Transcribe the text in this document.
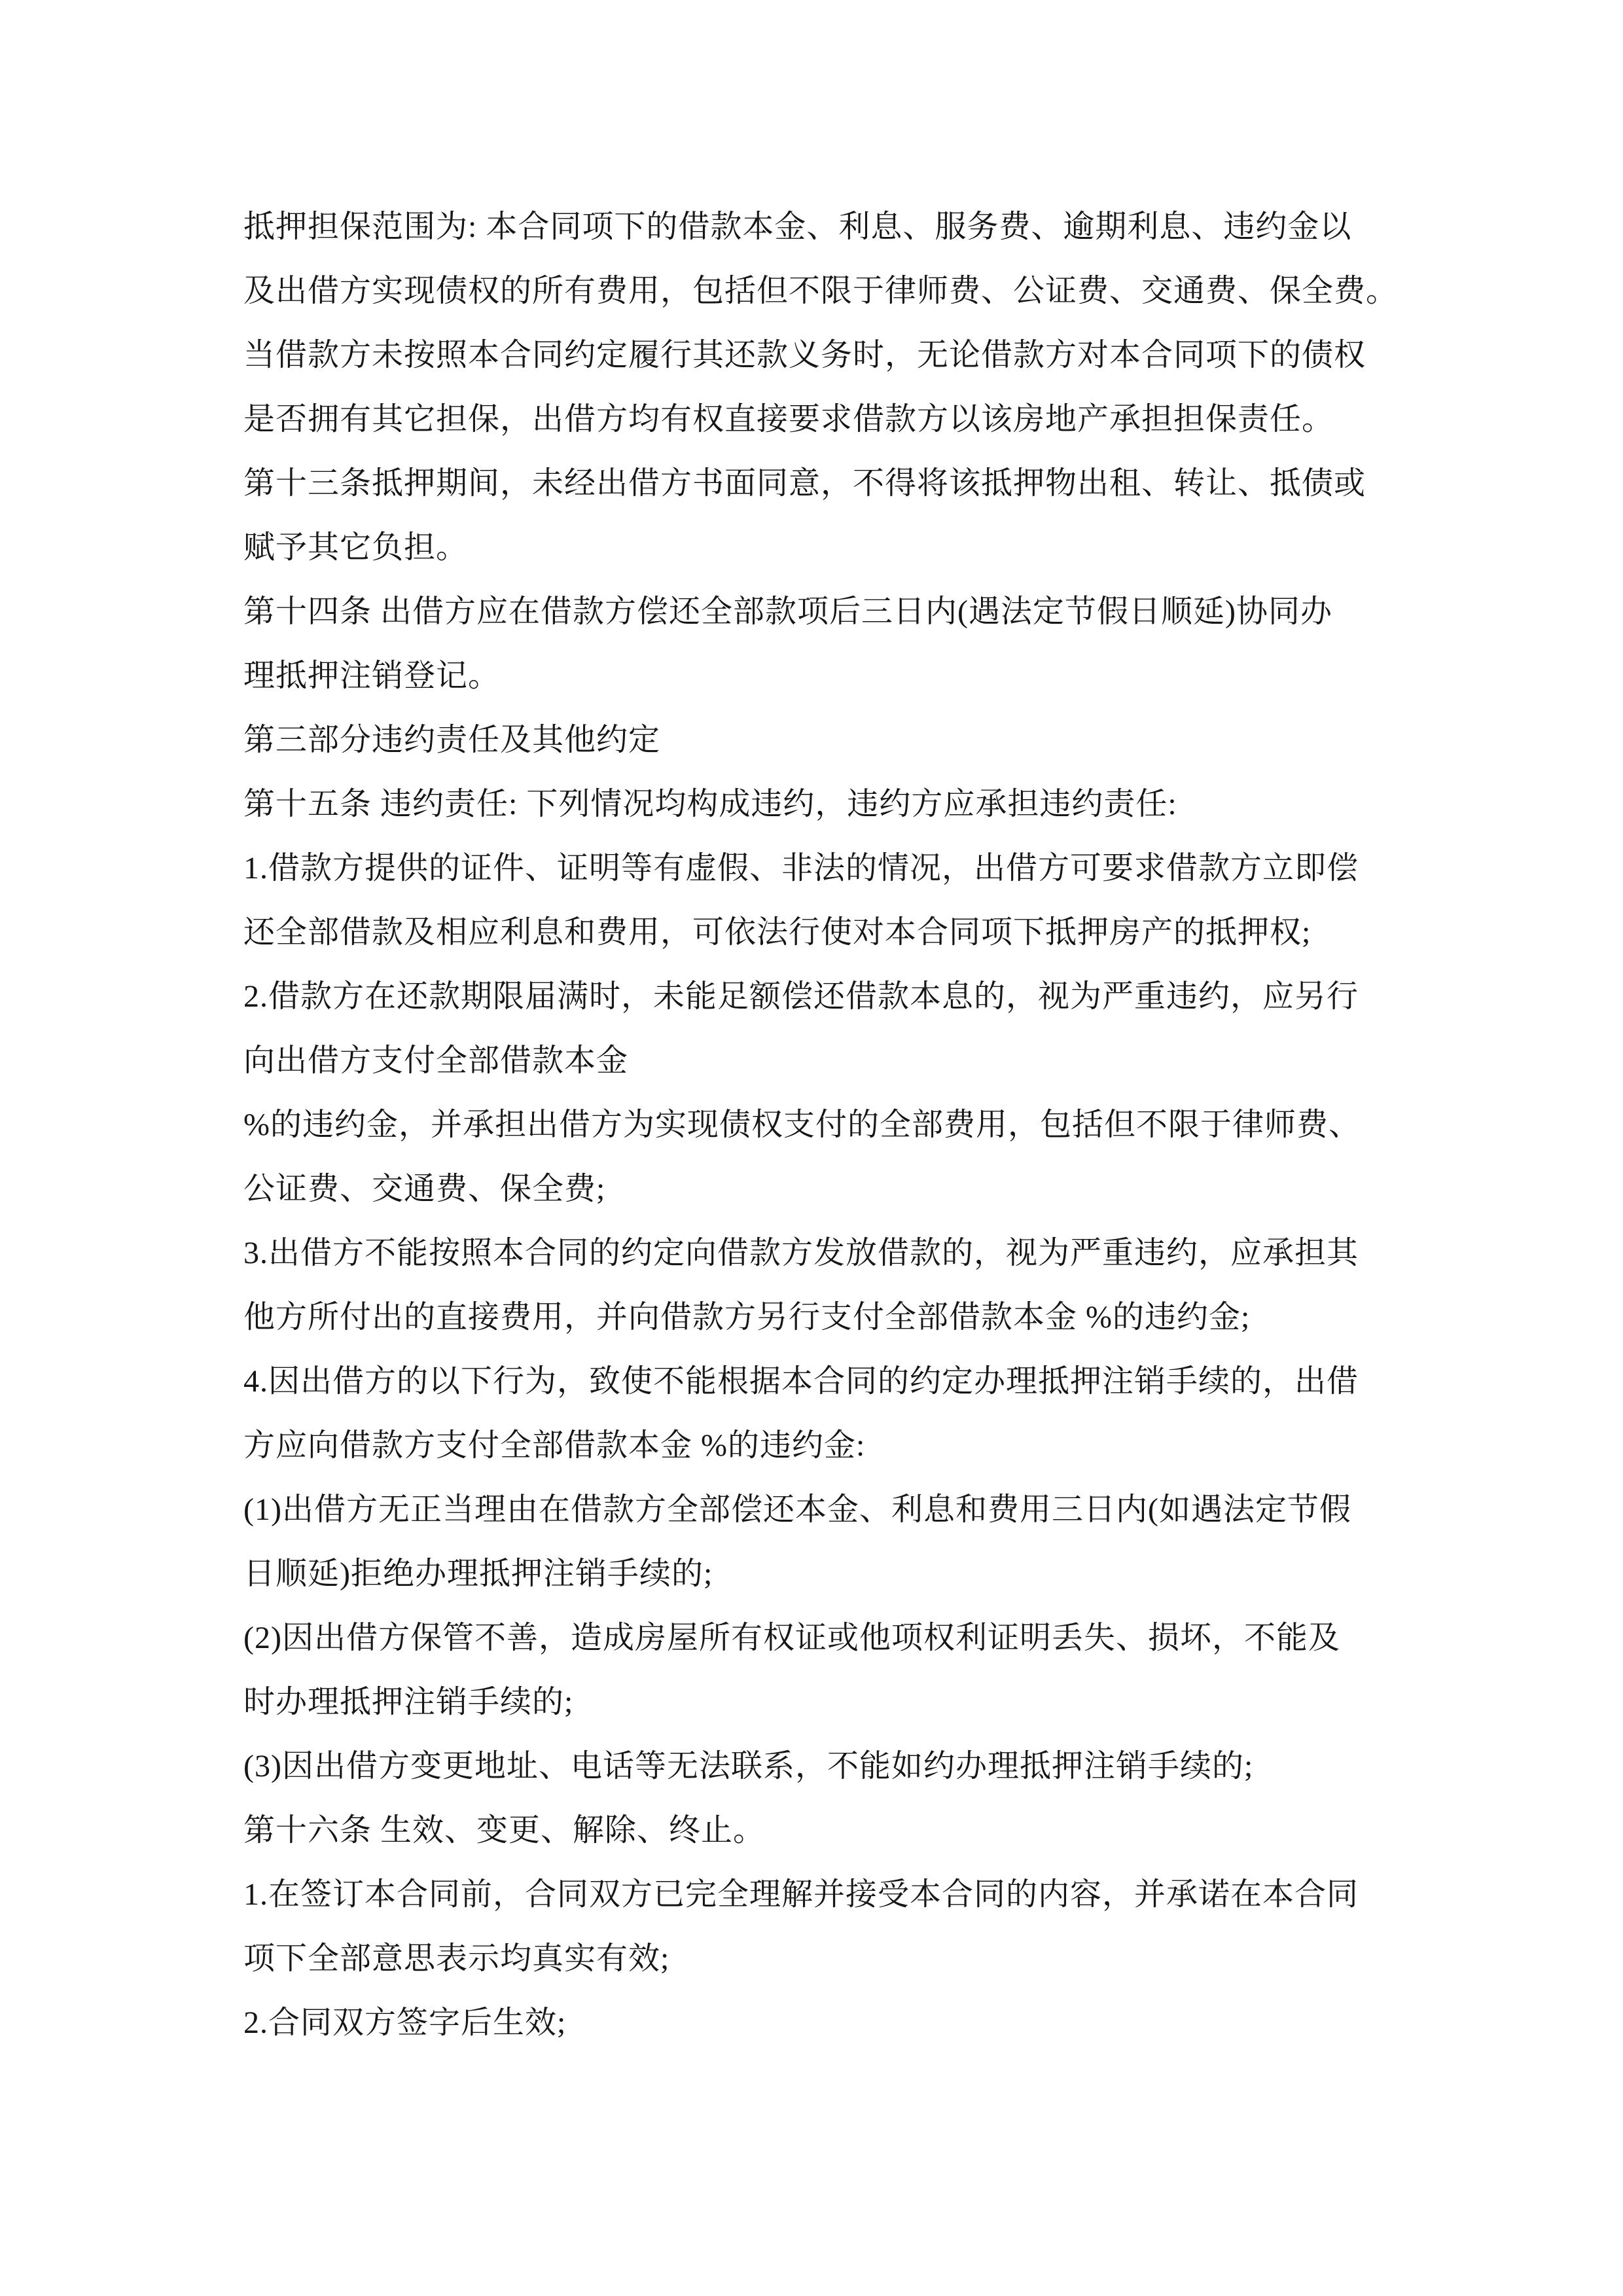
抵押担保范围为: 本合同项下的借款本金、利息、服务费、逾期利息、违约金以
及出借方实现债权的所有费用，包括但不限于律师费、公证费、交通费、保全费。
当借款方未按照本合同约定履行其还款义务时，无论借款方对本合同项下的债权
是否拥有其它担保，出借方均有权直接要求借款方以该房地产承担担保责任。
第十三条抵押期间，未经出借方书面同意，不得将该抵押物出租、转让、抵债或
赋予其它负担。
第十四条 出借方应在借款方偿还全部款项后三日内(遇法定节假日顺延)协同办
理抵押注销登记。
第三部分违约责任及其他约定
第十五条 违约责任: 下列情况均构成违约，违约方应承担违约责任:
1.借款方提供的证件、证明等有虚假、非法的情况，出借方可要求借款方立即偿
还全部借款及相应利息和费用，可依法行使对本合同项下抵押房产的抵押权;
2.借款方在还款期限届满时，未能足额偿还借款本息的，视为严重违约，应另行
向出借方支付全部借款本金
%的违约金，并承担出借方为实现债权支付的全部费用，包括但不限于律师费、
公证费、交通费、保全费;
3.出借方不能按照本合同的约定向借款方发放借款的，视为严重违约，应承担其
他方所付出的直接费用，并向借款方另行支付全部借款本金 %的违约金;
4.因出借方的以下行为，致使不能根据本合同的约定办理抵押注销手续的，出借
方应向借款方支付全部借款本金 %的违约金:
(1)出借方无正当理由在借款方全部偿还本金、利息和费用三日内(如遇法定节假
日顺延)拒绝办理抵押注销手续的;
(2)因出借方保管不善，造成房屋所有权证或他项权利证明丢失、损坏，不能及
时办理抵押注销手续的;
(3)因出借方变更地址、电话等无法联系，不能如约办理抵押注销手续的;
第十六条 生效、变更、解除、终止。
1.在签订本合同前，合同双方已完全理解并接受本合同的内容，并承诺在本合同
项下全部意思表示均真实有效;
2.合同双方签字后生效;
